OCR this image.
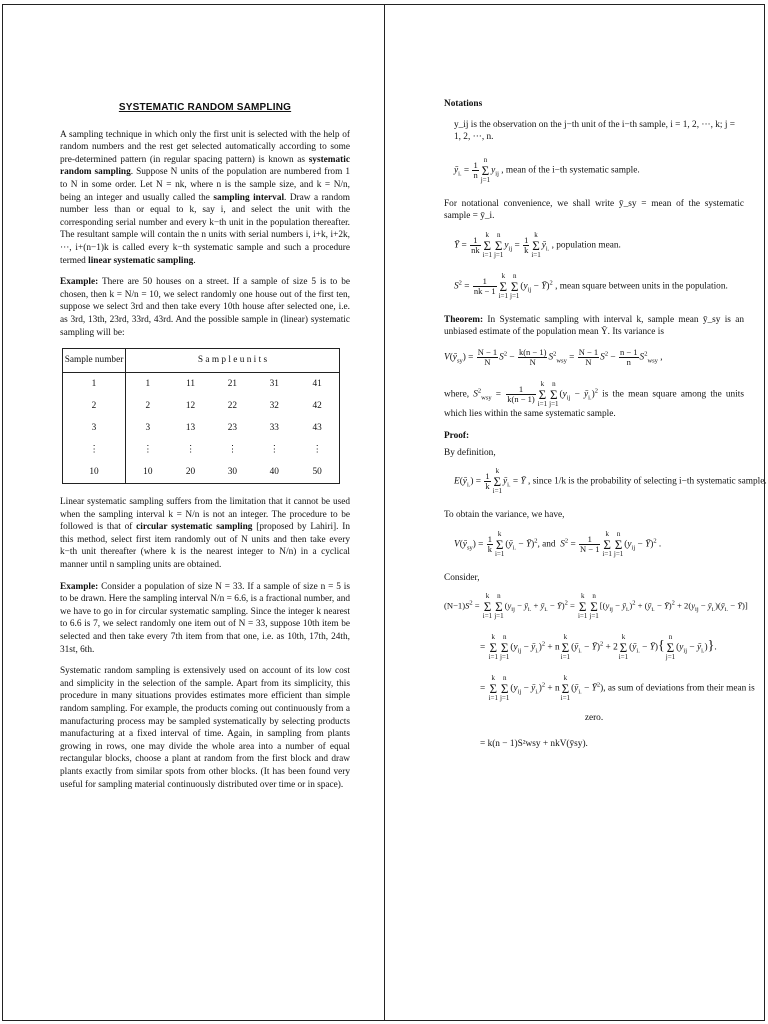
SYSTEMATIC RANDOM SAMPLING

A sampling technique in which only the first unit is selected with the help of random numbers and the rest get selected automatically according to some pre-determined pattern (in regular spacing pattern) is known as systematic random sampling. Suppose N units of the population are numbered from 1 to N in some order. Let N = nk, where n is the sample size, and k = N/n, being an integer and usually called the sampling interval. Draw a random number less than or equal to k, say i, and select the unit with the corresponding serial number and every k−th unit in the population thereafter. The resultant sample will contain the n units with serial numbers i, i+k, i+2k, ···, i+(n−1)k is called every k−th systematic sample and such a procedure termed linear systematic sampling.

Example: There are 50 houses on a street. If a sample of size 5 is to be chosen, then k = N/n = 10, we select randomly one house out of the first ten, suppose we select 3rd and then take every 10th house after selected one, i.e. as 3rd, 13th, 23rd, 33rd, 43rd. And the possible sample in (linear) systematic sampling will be:

Sample number	S a m p l e u n i t s				
1	1	11	21	31	41
2	2	12	22	32	42
3	3	13	23	33	43
⋮	⋮	⋮	⋮	⋮	⋮
10	10	20	30	40	50

Linear systematic sampling suffers from the limitation that it cannot be used when the sampling interval k = N/n is not an integer. The procedure to be followed is that of circular systematic sampling [proposed by Lahiri]. In this method, select first item randomly out of N units and then take every k−th unit thereafter (where k is the nearest integer to N/n) in a cyclical manner until n sampling units are obtained.

Example: Consider a population of size N = 33. If a sample of size n = 5 is to be drawn. Here the sampling interval N/n = 6.6, is a fractional number, and we have to go in for circular systematic sampling. Since the integer k nearest to 6.6 is 7, we select randomly one item out of N = 33, suppose 10th item be selected and then take every 7th item from that one, i.e. as 10th, 17th, 24th, 31st, 6th.

Systematic random sampling is extensively used on account of its low cost and simplicity in the selection of the sample. Apart from its simplicity, this procedure in many situations provides estimates more efficient than simple random sampling. For example, the products coming out continuously from a manufacturing process may be sampled systematically by selecting products manufacturing at a fixed interval of time. Again, in sampling from plants growing in rows, one may divide the whole area into a number of equal rectangular blocks, choose a plant at random from the first block and draw plants exactly from similar spots from other blocks. (It has been found very useful for sampling material continuously distributed over time or in space).

Notations

y_ij is the observation on the j−th unit of the i−th sample, i = 1, 2, ···, k; j = 1, 2, ···, n.

$ȳ_{i.} = \frac{1}{n}$
n
Σ
$j=1y_{ij}$ , mean of the i−th systematic sample.

For notational convenience, we shall write ȳ_sy = mean of the systematic sample = ȳ_i.

Ȳ = $\frac{1}{nk}$
k
Σ
i=1n
Σ
$j=1y_{ij} = \frac{1}{k}$
k
Σ
$i=1ȳ_{i.}$ , population mean.
$S^2 = \frac{1}{nk - 1}$
k
Σ
i=1n
Σ
$j=1(y_{ij}$ − Ȳ)$^2$ , mean square between units in the population.

Theorem: In Systematic sampling with interval k, sample mean ȳ_sy is an unbiased estimate of the population mean Ȳ. Its variance is

$V(ȳ_{sy}) = \frac{N - 1}{N} S^2 - \frac{k(n - 1)}{N} S^2_{wsy} = \frac{N - 1}{N} S^2 - \frac{n - 1}{n} S^2_{wsy}$ ,

where, $S^2_{wsy} = \frac{1}{k(n - 1)}$
k
Σ
i=1n
Σ
$j=1(y_{ij}$ − $ȳ_{i.})^2$ is the mean square among the units which lies within the same systematic sample.

Proof:

By definition,

$E(ȳ_{i.}) = \frac{1}{k}$
k
Σ
$i=1ȳ_{i.}$ = Ȳ , since 1/k is the probability of selecting i−th systematic sample.

To obtain the variance, we have,

$V(ȳ_{sy}) = \frac{1}{k}$
k
Σ
$i=1(ȳ_{i.}$ − Ȳ)$^2$, and $S^2 = \frac{1}{N - 1}$
k
Σ
i=1n
Σ
$j=1(y_{ij}$ − Ȳ)$^2$ .

Consider,

$(N-1)S^2 = k$
Σ
i=1n
Σ
$j=1(y_{ij}$ − $ȳ_{i.}$ + $ȳ_{i.}$ − Ȳ)$^2$ = k
Σ
i=1n
Σ
$j=1[(y_{ij}$ − $ȳ_{i.})^2$ + ($ȳ_{i.}$ − Ȳ)$^2$ + $2(y_{ij}$ − $ȳ_{i.})(ȳ_{i.}$ − Ȳ)]
= k
Σ
i=1n
Σ
$j=1(y_{ij}$ − $ȳ_{i.})^2$ + nk
Σ
$i=1(ȳ_{i.}$ − Ȳ)$^2$ + 2k
Σ
$i=1(ȳ_{i.}$ − Ȳ){n
Σ
$j=1(y_{ij}$ − $ȳ_{i.}$)}.
= k
Σ
i=1n
Σ
$j=1(y_{ij}$ − $ȳ_{i.})^2$ + nk
Σ
$i=1(ȳ_{i.}$ − $Ȳ^2$), as sum of deviations from their mean is
zero.
= k(n − 1)S²wsy + nkV(ȳsy).
